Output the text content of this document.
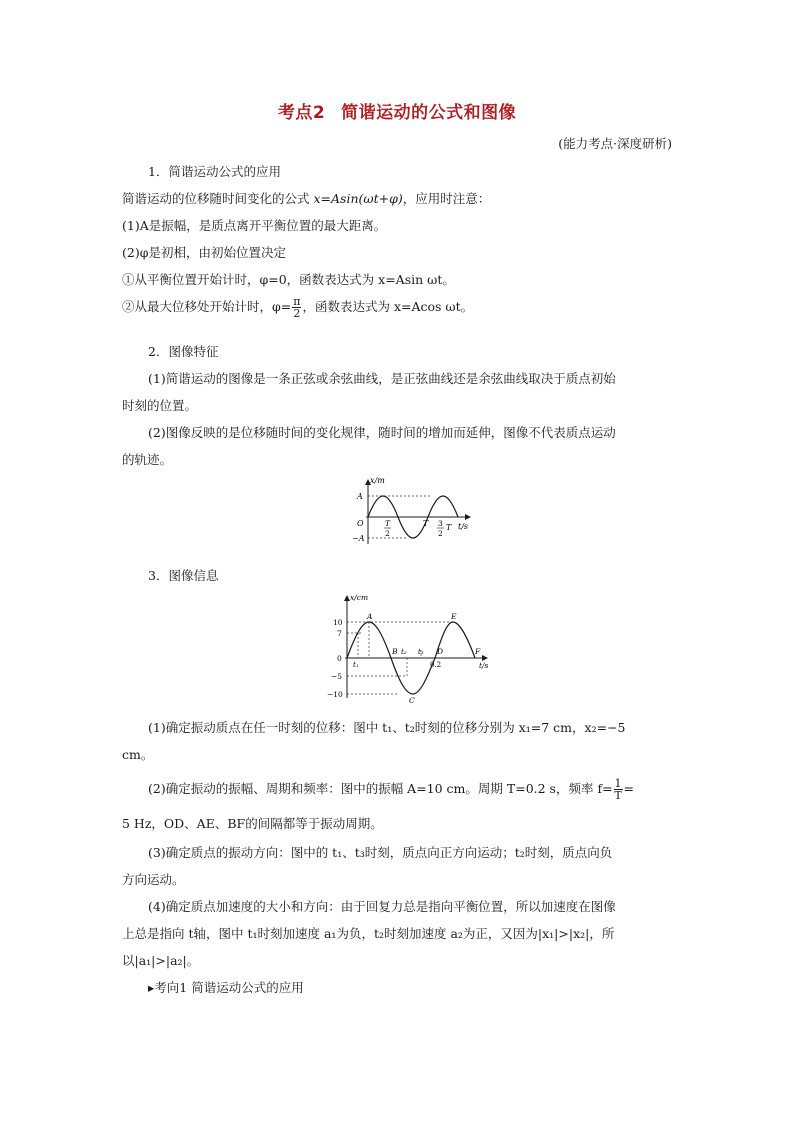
考点2 简谐运动的公式和图像
(能力考点·深度研析)
1．简谐运动公式的应用
简谐运动的位移随时间变化的公式 x=Asin(ωt+φ)，应用时注意：
(1)A是振幅，是质点离开平衡位置的最大距离。
(2)φ是初相，由初始位置决定
①从平衡位置开始计时，φ=0，函数表达式为 x=Asin ωt。
②从最大位移处开始计时，$\varphi= \frac{\pi}{2}$ ，函数表达式为 x=Acos ωt。
2．图像特征
(1)简谐运动的图像是一条正弦或余弦曲线，是正弦曲线还是余弦曲线取决于质点初始
时刻的位置。
(2)图像反映的是位移随时间的变化规律，随时间的增加而延伸，图像不代表质点运动
的轨迹。
x/m
t/s
A
−A
O	T
2
T 3
2
T
3．图像信息
x/cm
t/s
10
7
0
−5
−10
A
B
C
D
E
F
t₁
t₂ t₃
0.2
(1)确定振动质点在任一时刻的位移：图中 t₁、t₂时刻的位移分别为 x₁=7 cm，x₂=−5
cm。
(2)确定振动的振幅、周期和频率：图中的振幅 A=10 cm。周期 T=0.2 s，频率 $f= \frac{1}{T}$ =
5 Hz，OD、AE、BF的间隔都等于振动周期。
(3)确定质点的振动方向：图中的 t₁、t₃时刻，质点向正方向运动；t₂时刻，质点向负
方向运动。
(4)确定质点加速度的大小和方向：由于回复力总是指向平衡位置，所以加速度在图像
上总是指向 t轴，图中 t₁时刻加速度 a₁为负，t₂时刻加速度 a₂为正，又因为|x₁|>|x₂|，所
以|a₁|>|a₂|。
▸考向1 简谐运动公式的应用
